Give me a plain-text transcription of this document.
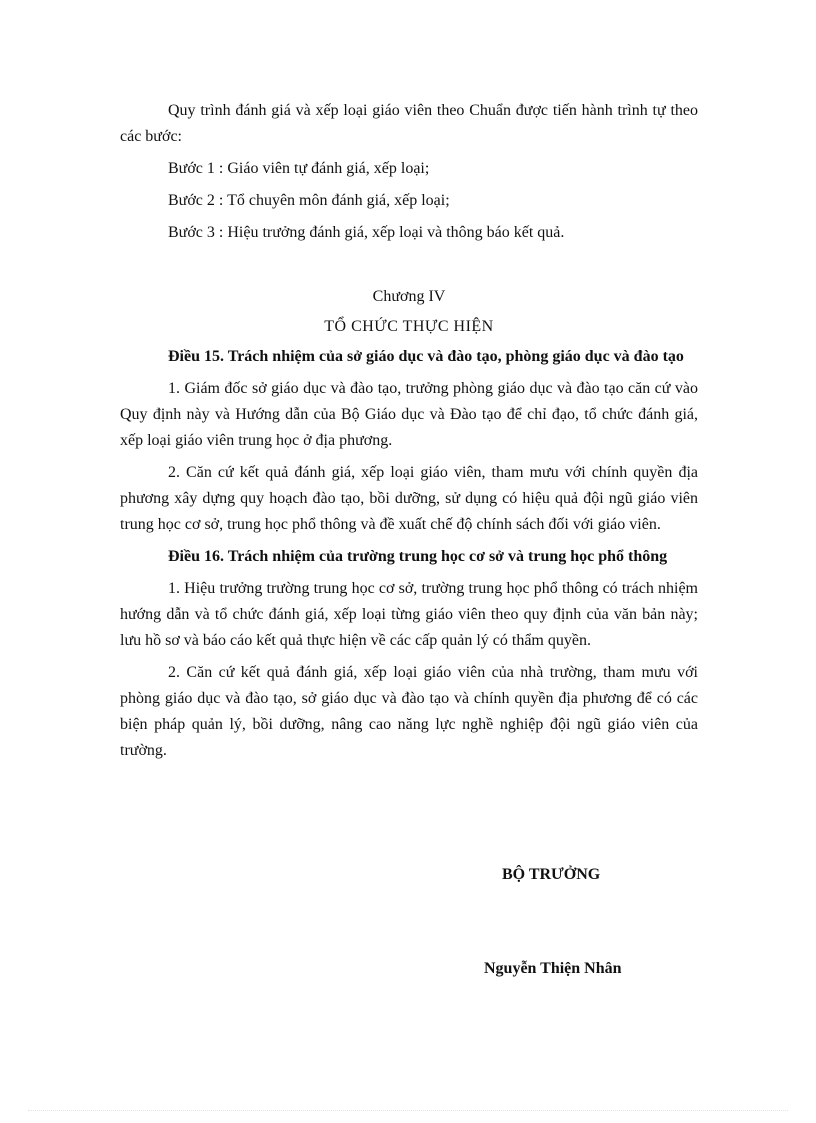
Quy trình đánh giá và xếp loại giáo viên theo Chuẩn được tiến hành trình tự theo các bước:

Bước 1 : Giáo viên tự đánh giá, xếp loại;

Bước 2 : Tổ chuyên môn đánh giá, xếp loại;

Bước 3 : Hiệu trưởng đánh giá, xếp loại và thông báo kết quả.

Chương IV

TỔ CHỨC THỰC HIỆN

Điều 15. Trách nhiệm của sở giáo dục và đào tạo, phòng giáo dục và đào tạo

1. Giám đốc sở giáo dục và đào tạo, trưởng phòng giáo dục và đào tạo căn cứ vào Quy định này và Hướng dẫn của Bộ Giáo dục và Đào tạo để chỉ đạo, tổ chức đánh giá, xếp loại giáo viên trung học ở địa phương.

2. Căn cứ kết quả đánh giá, xếp loại giáo viên, tham mưu với chính quyền địa phương xây dựng quy hoạch đào tạo, bồi dưỡng, sử dụng có hiệu quả đội ngũ giáo viên trung học cơ sở, trung học phổ thông và đề xuất chế độ chính sách đối với giáo viên.

Điều 16. Trách nhiệm của trường trung học cơ sở và trung học phổ thông

1. Hiệu trưởng trường trung học cơ sở, trường trung học phổ thông có trách nhiệm hướng dẫn và tổ chức đánh giá, xếp loại từng giáo viên theo quy định của văn bản này; lưu hồ sơ và báo cáo kết quả thực hiện về các cấp quản lý có thẩm quyền.

2. Căn cứ kết quả đánh giá, xếp loại giáo viên của nhà trường, tham mưu với phòng giáo dục và đào tạo, sở giáo dục và đào tạo và chính quyền địa phương để có các biện pháp quản lý, bồi dưỡng, nâng cao năng lực nghề nghiệp đội ngũ giáo viên của trường.

BỘ TRƯỞNG

Nguyễn Thiện Nhân
